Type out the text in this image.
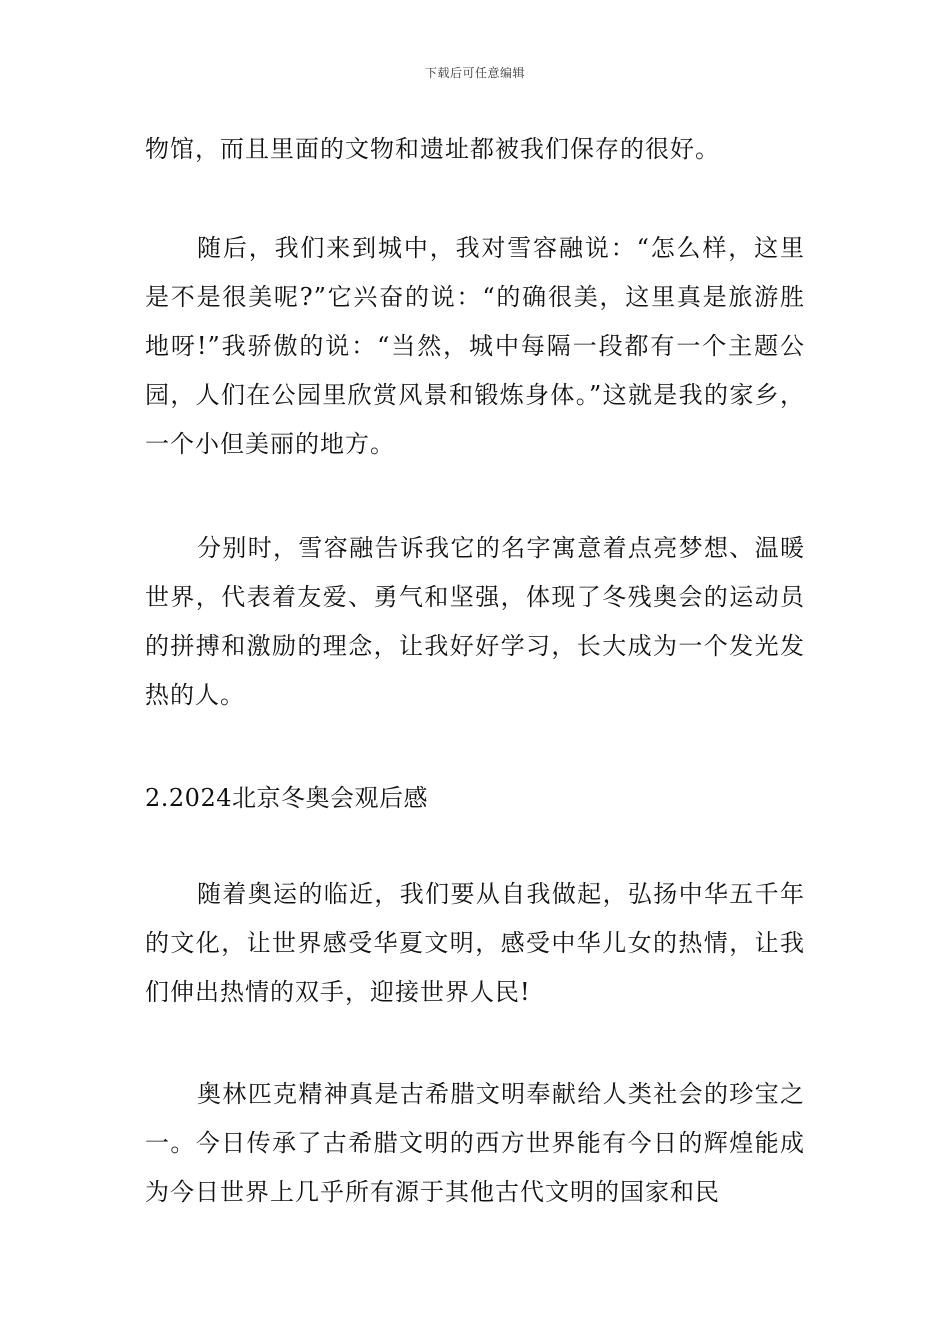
下载后可任意编辑
物馆，而且里面的文物和遗址都被我们保存的很好。
随后，我们来到城中，我对雪容融说：“怎么样，这里是不是很美呢?”它兴奋的说：“的确很美，这里真是旅游胜地呀!”我骄傲的说：“当然，城中每隔一段都有一个主题公园，人们在公园里欣赏风景和锻炼身体。”这就是我的家乡，一个小但美丽的地方。
分别时，雪容融告诉我它的名字寓意着点亮梦想、温暖世界，代表着友爱、勇气和坚强，体现了冬残奥会的运动员的拼搏和激励的理念，让我好好学习，长大成为一个发光发热的人。
2.2024北京冬奥会观后感
随着奥运的临近，我们要从自我做起，弘扬中华五千年的文化，让世界感受华夏文明，感受中华儿女的热情，让我们伸出热情的双手，迎接世界人民!
奥林匹克精神真是古希腊文明奉献给人类社会的珍宝之一。今日传承了古希腊文明的西方世界能有今日的辉煌能成为今日世界上几乎所有源于其他古代文明的国家和民
